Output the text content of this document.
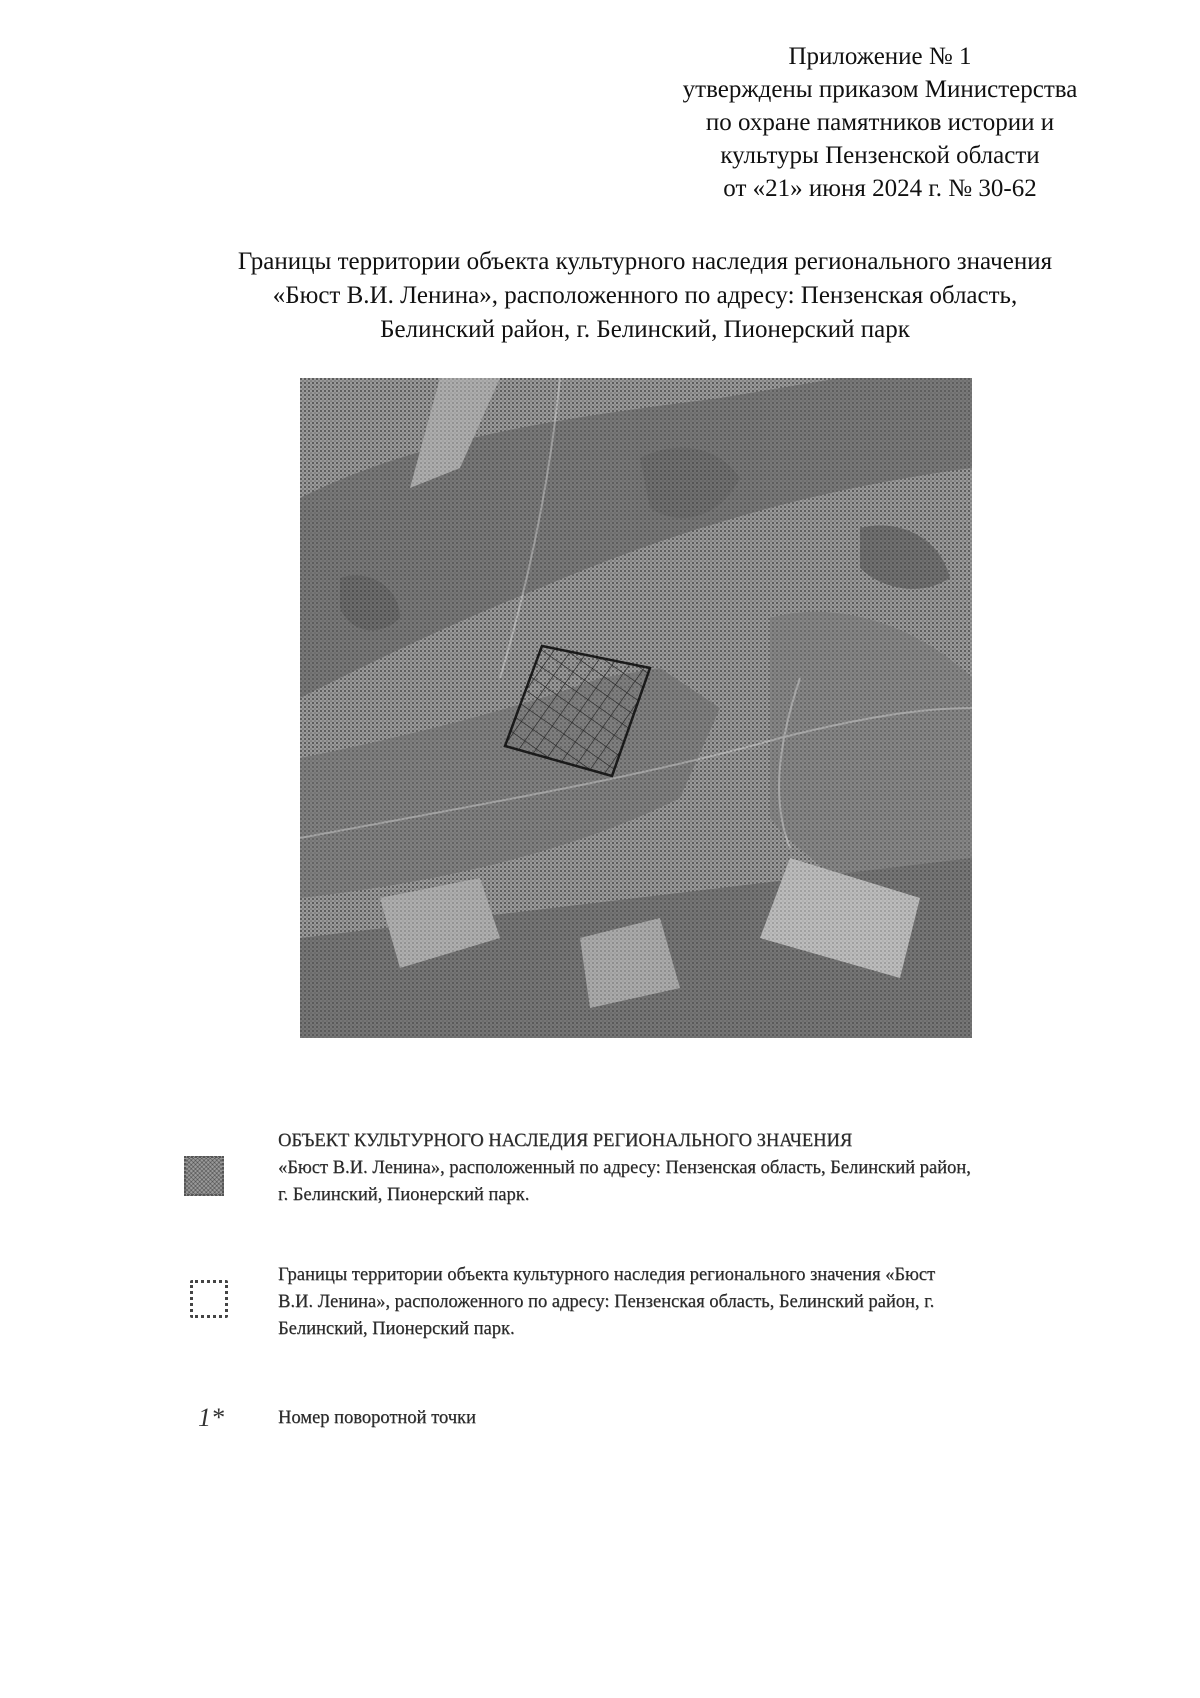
Приложение № 1
утверждены приказом Министерства
по охране памятников истории и
культуры Пензенской области
от «21» июня 2024 г. № 30-62
Границы территории объекта культурного наследия регионального значения
«Бюст В.И. Ленина», расположенного по адресу: Пензенская область,
Белинский район, г. Белинский, Пионерский парк
ОБЪЕКТ КУЛЬТУРНОГО НАСЛЕДИЯ РЕГИОНАЛЬНОГО ЗНАЧЕНИЯ
«Бюст В.И. Ленина», расположенный по адресу: Пензенская область, Белинский район,
г. Белинский, Пионерский парк.
Границы территории объекта культурного наследия регионального значения «Бюст
В.И. Ленина», расположенного по адресу: Пензенская область, Белинский район, г.
Белинский, Пионерский парк.
1*	Номер поворотной точки
